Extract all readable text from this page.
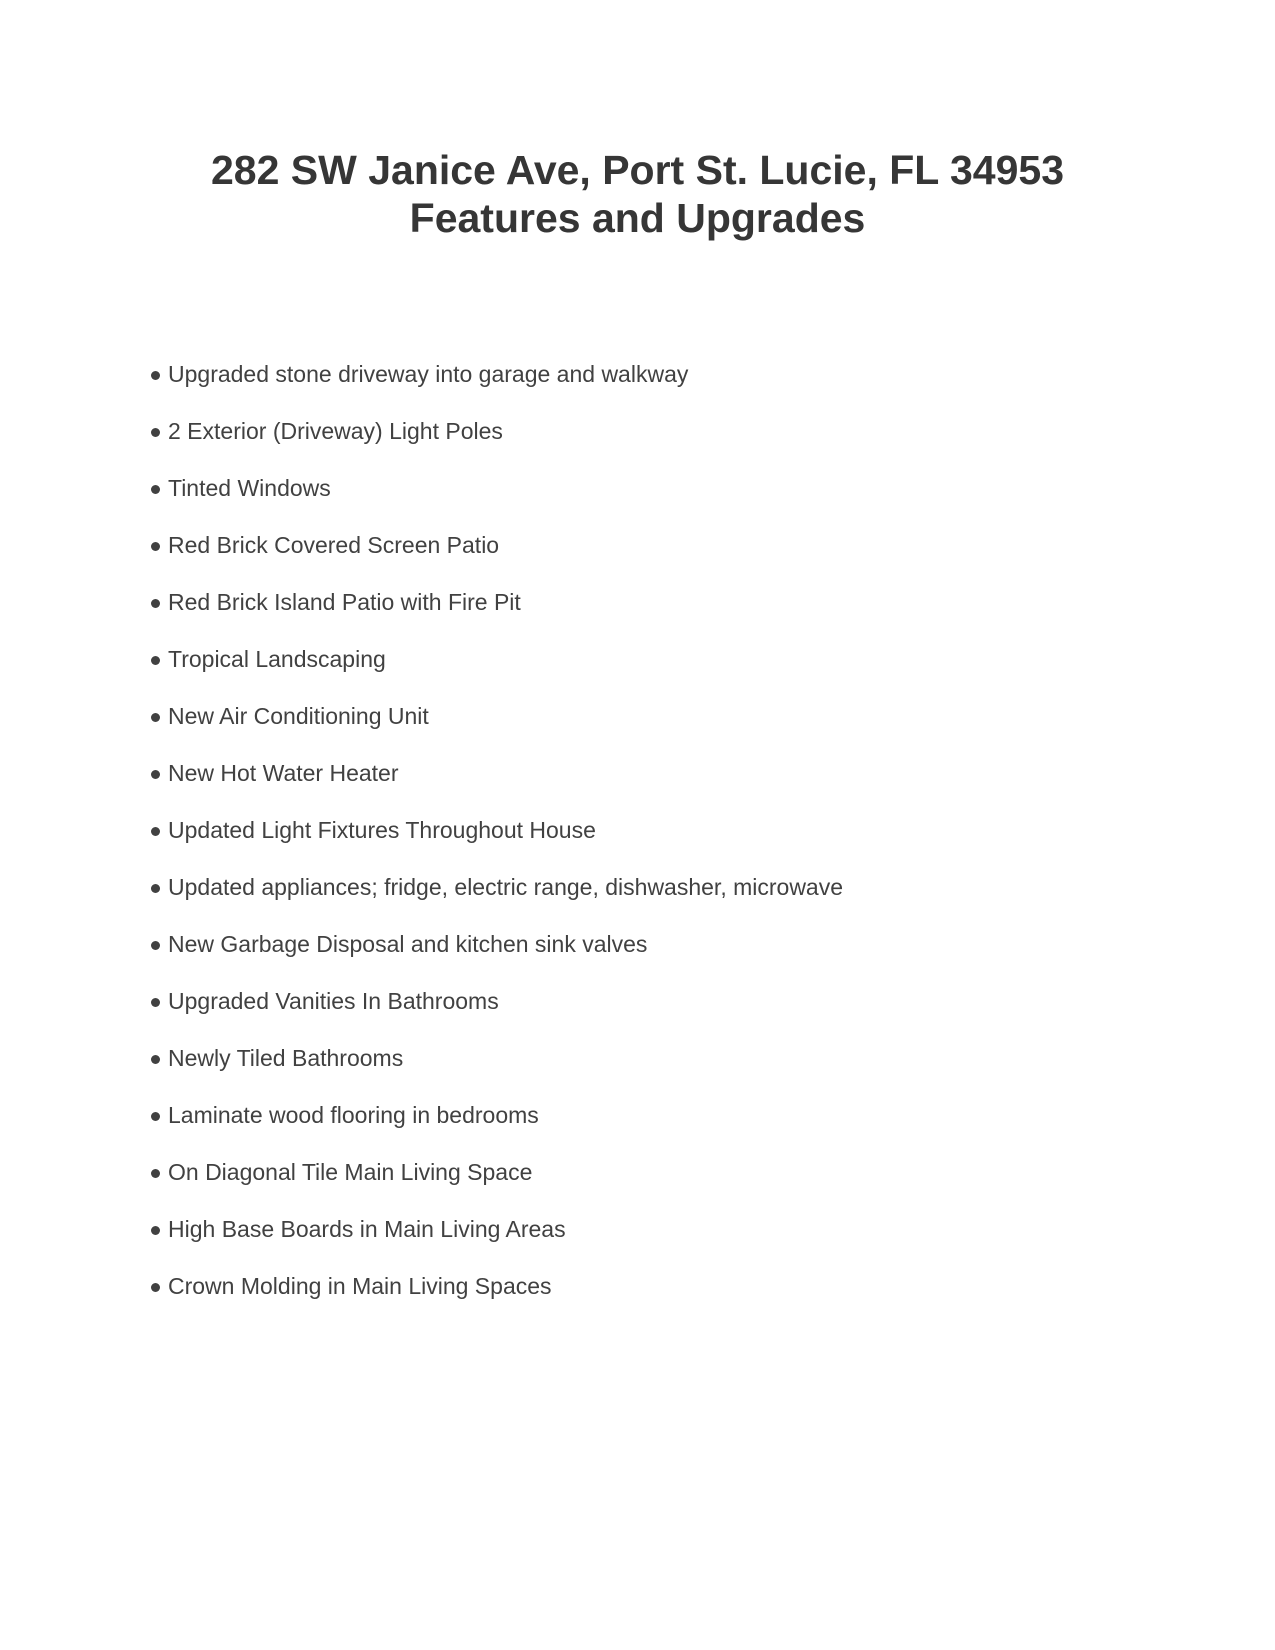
282 SW Janice Ave, Port St. Lucie, FL 34953
Features and Upgrades
Upgraded stone driveway into garage and walkway
2 Exterior (Driveway) Light Poles
Tinted Windows
Red Brick Covered Screen Patio
Red Brick Island Patio with Fire Pit
Tropical Landscaping
New Air Conditioning Unit
New Hot Water Heater
Updated Light Fixtures Throughout House
Updated appliances; fridge, electric range, dishwasher, microwave
New Garbage Disposal and kitchen sink valves
Upgraded Vanities In Bathrooms
Newly Tiled Bathrooms
Laminate wood flooring in bedrooms
On Diagonal Tile Main Living Space
High Base Boards in Main Living Areas
Crown Molding in Main Living Spaces
